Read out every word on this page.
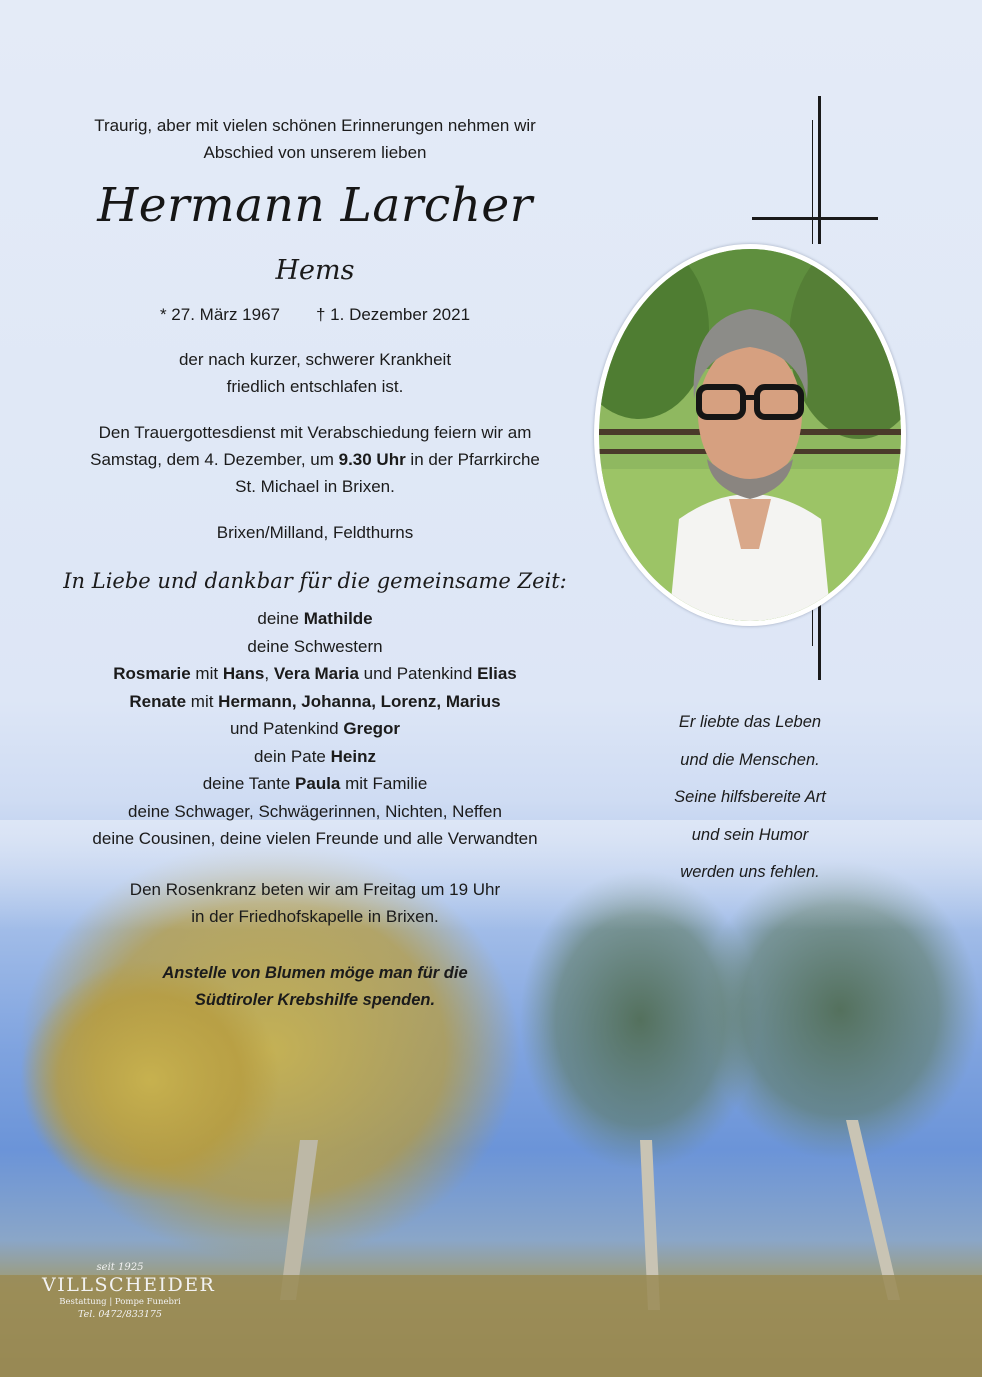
Traurig, aber mit vielen schönen Erinnerungen nehmen wir
Abschied von unserem lieben
Hermann Larcher
Hems
* 27. März 1967 † 1. Dezember 2021
der nach kurzer, schwerer Krankheit
friedlich entschlafen ist.
Den Trauergottesdienst mit Verabschiedung feiern wir am
Samstag, dem 4. Dezember, um 9.30 Uhr in der Pfarrkirche
St. Michael in Brixen.
Brixen/Milland, Feldthurns
In Liebe und dankbar für die gemeinsame Zeit:
deine Mathilde
deine Schwestern
Rosmarie mit Hans, Vera Maria und Patenkind Elias
Renate mit Hermann, Johanna, Lorenz, Marius
und Patenkind Gregor
dein Pate Heinz
deine Tante Paula mit Familie
deine Schwager, Schwägerinnen, Nichten, Neffen
deine Cousinen, deine vielen Freunde und alle Verwandten
Den Rosenkranz beten wir am Freitag um 19 Uhr
in der Friedhofskapelle in Brixen.
Anstelle von Blumen möge man für die
Südtiroler Krebshilfe spenden.
Er liebte das Leben
und die Menschen.
Seine hilfsbereite Art
und sein Humor
werden uns fehlen.
seit 1925
VILLSCHEIDER
Bestattung | Pompe Funebri
Tel. 0472/833175
